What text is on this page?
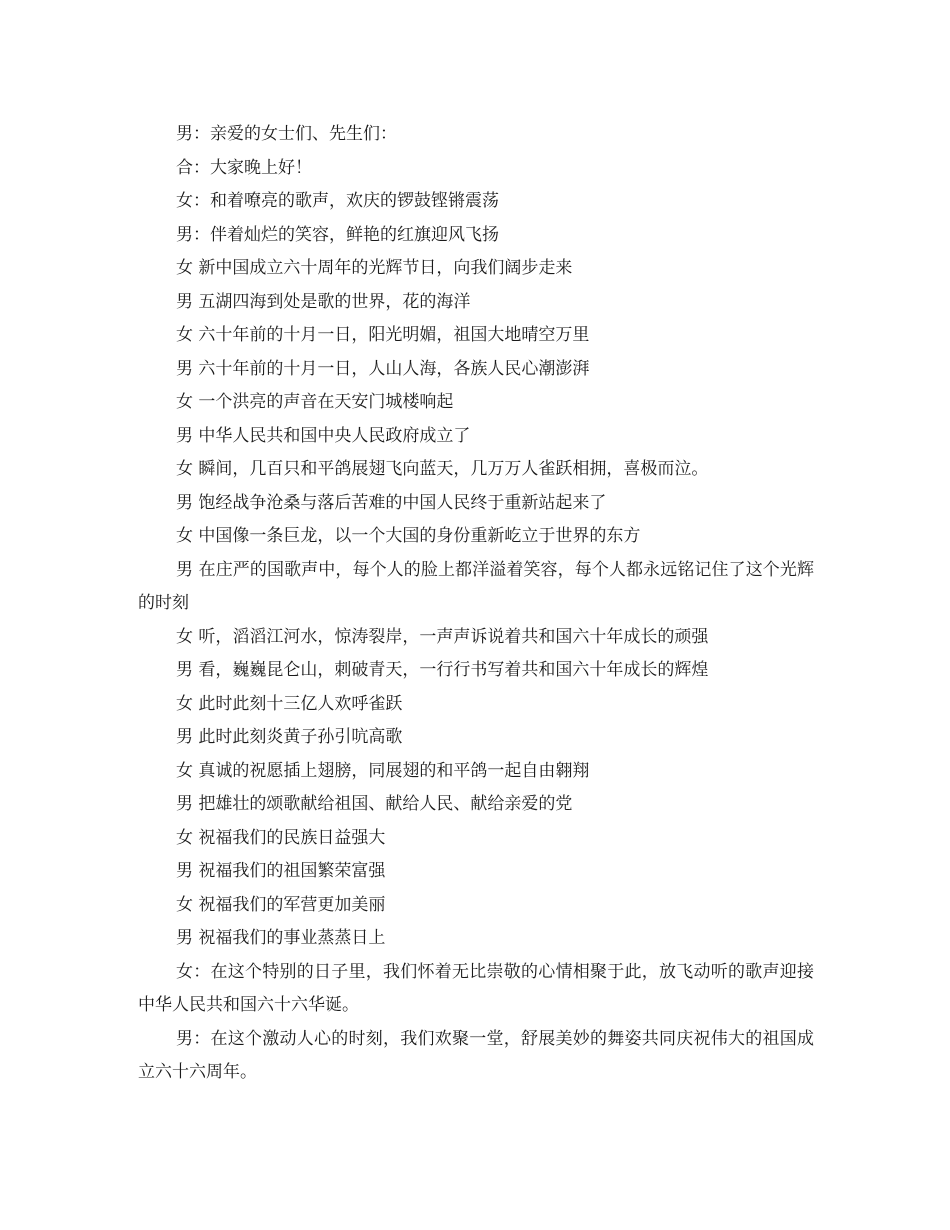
男：亲爱的女士们、先生们：

合：大家晚上好！

女：和着嘹亮的歌声，欢庆的锣鼓铿锵震荡

男：伴着灿烂的笑容，鲜艳的红旗迎风飞扬

女 新中国成立六十周年的光辉节日，向我们阔步走来

男 五湖四海到处是歌的世界，花的海洋

女 六十年前的十月一日，阳光明媚，祖国大地晴空万里

男 六十年前的十月一日，人山人海，各族人民心潮澎湃

女 一个洪亮的声音在天安门城楼响起

男 中华人民共和国中央人民政府成立了

女 瞬间，几百只和平鸽展翅飞向蓝天，几万万人雀跃相拥，喜极而泣。

男 饱经战争沧桑与落后苦难的中国人民终于重新站起来了

女 中国像一条巨龙，以一个大国的身份重新屹立于世界的东方

男 在庄严的国歌声中，每个人的脸上都洋溢着笑容，每个人都永远铭记住了这个光辉的时刻

女 听，滔滔江河水，惊涛裂岸，一声声诉说着共和国六十年成长的顽强

男 看，巍巍昆仑山，刺破青天，一行行书写着共和国六十年成长的辉煌

女 此时此刻十三亿人欢呼雀跃

男 此时此刻炎黄子孙引吭高歌

女 真诚的祝愿插上翅膀，同展翅的和平鸽一起自由翱翔

男 把雄壮的颂歌献给祖国、献给人民、献给亲爱的党

女 祝福我们的民族日益强大

男 祝福我们的祖国繁荣富强

女 祝福我们的军营更加美丽

男 祝福我们的事业蒸蒸日上

女：在这个特别的日子里，我们怀着无比崇敬的心情相聚于此，放飞动听的歌声迎接中华人民共和国六十六华诞。

男：在这个激动人心的时刻，我们欢聚一堂，舒展美妙的舞姿共同庆祝伟大的祖国成立六十六周年。
